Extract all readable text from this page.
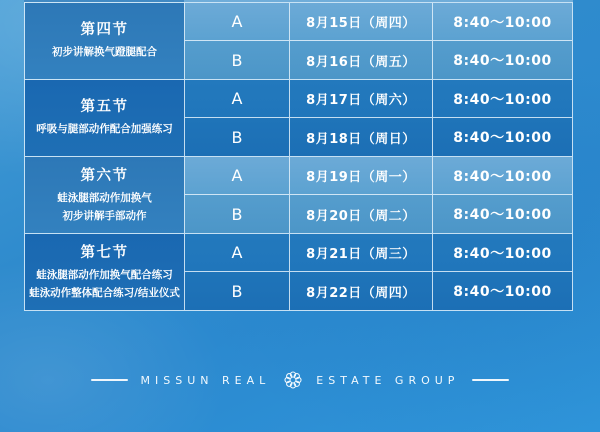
第四节
初步讲解换气蹬腿配合
A	8月15日（周四）	8:40～10:00
B	8月16日（周五）	8:40～10:00
第五节
呼吸与腿部动作配合加强练习
A	8月17日（周六）	8:40～10:00
B	8月18日（周日）	8:40～10:00
第六节
蛙泳腿部动作加换气
初步讲解手部动作
A	8月19日（周一）	8:40～10:00
B	8月20日（周二）	8:40～10:00
第七节
蛙泳腿部动作加换气配合练习
蛙泳动作整体配合练习/结业仪式
A	8月21日（周三）	8:40～10:00
B	8月22日（周四）	8:40～10:00
MISSUN REAL	ESTATE GROUP
